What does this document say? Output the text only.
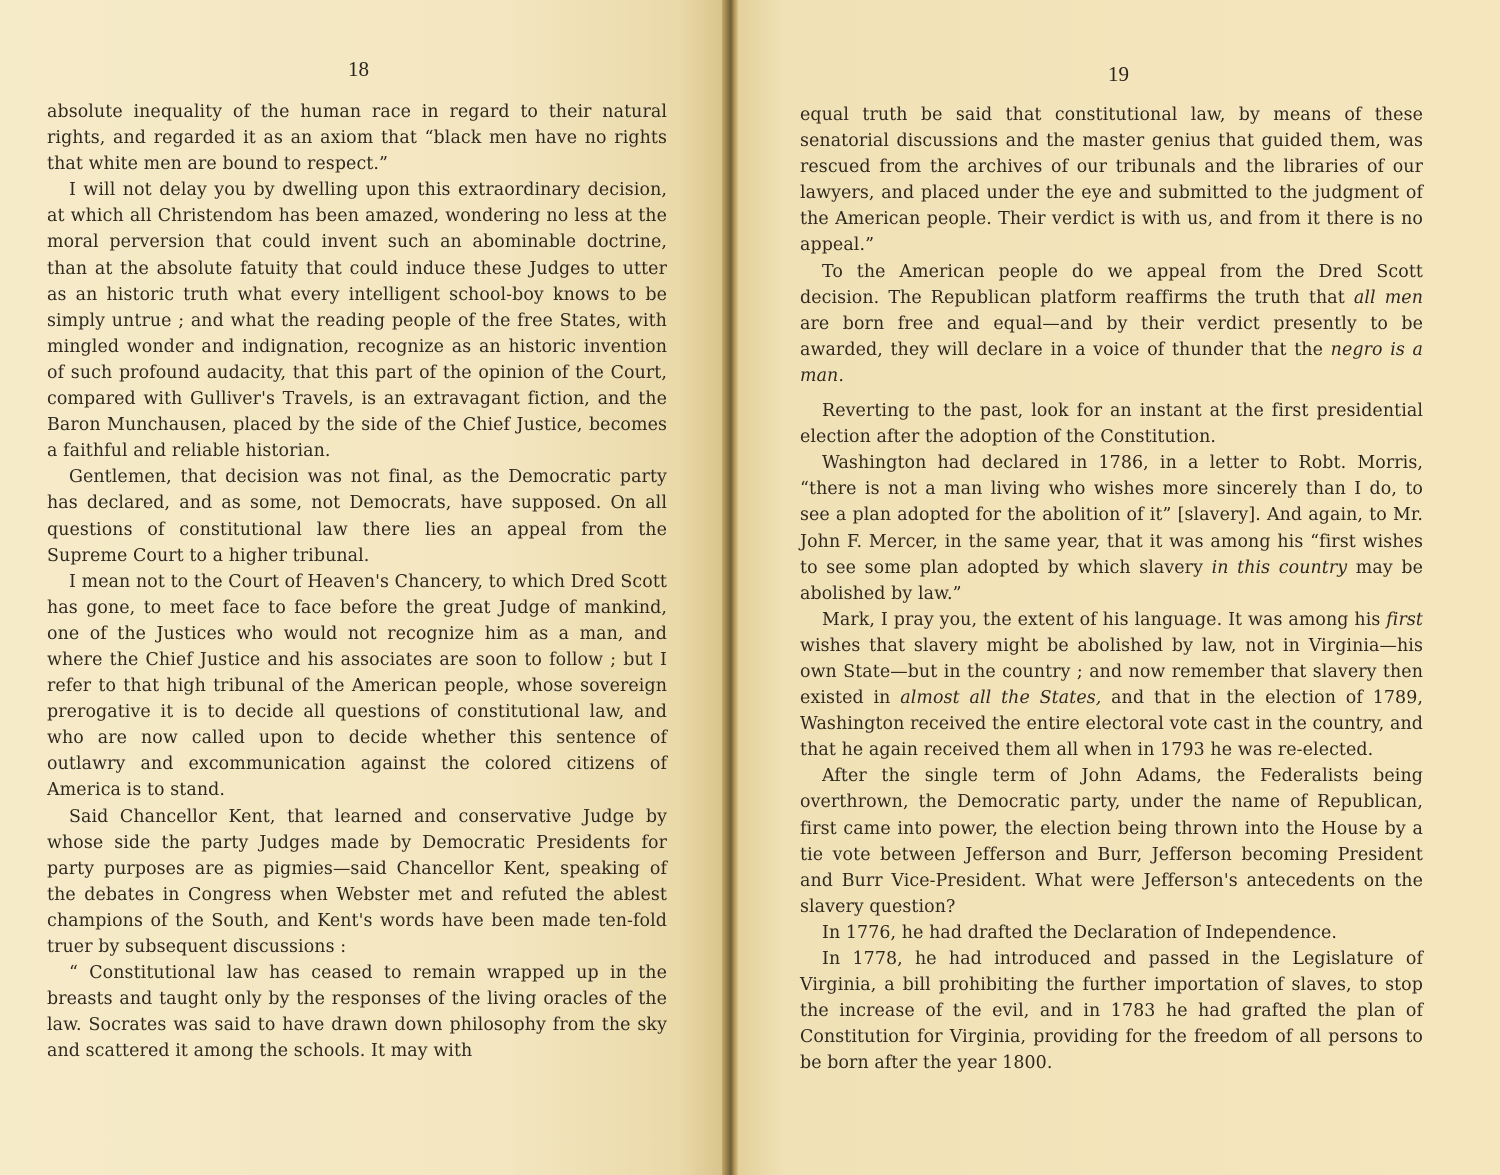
18

absolute inequality of the human race in regard to their natural rights, and regarded it as an axiom that “black men have no rights that white men are bound to respect.”

I will not delay you by dwelling upon this extraordinary decision, at which all Christendom has been amazed, wondering no less at the moral perversion that could invent such an abominable doctrine, than at the absolute fatuity that could induce these Judges to utter as an historic truth what every intelligent school-boy knows to be simply untrue ; and what the reading people of the free States, with mingled wonder and indignation, recognize as an historic invention of such profound audacity, that this part of the opinion of the Court, compared with Gulliver's Travels, is an extravagant fiction, and the Baron Munchausen, placed by the side of the Chief Justice, becomes a faithful and reliable historian.

Gentlemen, that decision was not final, as the Democratic party has declared, and as some, not Democrats, have supposed. On all questions of constitutional law there lies an appeal from the Supreme Court to a higher tribunal.

I mean not to the Court of Heaven's Chancery, to which Dred Scott has gone, to meet face to face before the great Judge of mankind, one of the Justices who would not recognize him as a man, and where the Chief Justice and his associates are soon to follow ; but I refer to that high tribunal of the American people, whose sovereign prerogative it is to decide all questions of constitutional law, and who are now called upon to decide whether this sentence of outlawry and excommunication against the colored citizens of America is to stand.

Said Chancellor Kent, that learned and conservative Judge by whose side the party Judges made by Democratic Presidents for party purposes are as pigmies—said Chancellor Kent, speaking of the debates in Congress when Webster met and refuted the ablest champions of the South, and Kent's words have been made ten-fold truer by subsequent discussions :

“ Constitutional law has ceased to remain wrapped up in the breasts and taught only by the responses of the living oracles of the law. Socrates was said to have drawn down philosophy from the sky and scattered it among the schools. It may with

19

equal truth be said that constitutional law, by means of these senatorial discussions and the master genius that guided them, was rescued from the archives of our tribunals and the libraries of our lawyers, and placed under the eye and submitted to the judgment of the American people. Their verdict is with us, and from it there is no appeal.”

To the American people do we appeal from the Dred Scott decision. The Republican platform reaffirms the truth that all men are born free and equal—and by their verdict presently to be awarded, they will declare in a voice of thunder that the negro is a man.

Reverting to the past, look for an instant at the first presidential election after the adoption of the Constitution.

Washington had declared in 1786, in a letter to Robt. Morris, “there is not a man living who wishes more sincerely than I do, to see a plan adopted for the abolition of it” [slavery]. And again, to Mr. John F. Mercer, in the same year, that it was among his “first wishes to see some plan adopted by which slavery in this country may be abolished by law.”

Mark, I pray you, the extent of his language. It was among his first wishes that slavery might be abolished by law, not in Virginia—his own State—but in the country ; and now remember that slavery then existed in almost all the States, and that in the election of 1789, Washington received the entire electoral vote cast in the country, and that he again received them all when in 1793 he was re-elected.

After the single term of John Adams, the Federalists being overthrown, the Democratic party, under the name of Republican, first came into power, the election being thrown into the House by a tie vote between Jefferson and Burr, Jefferson becoming President and Burr Vice-President. What were Jefferson's antecedents on the slavery question?

In 1776, he had drafted the Declaration of Independence.

In 1778, he had introduced and passed in the Legislature of Virginia, a bill prohibiting the further importation of slaves, to stop the increase of the evil, and in 1783 he had grafted the plan of Constitution for Virginia, providing for the freedom of all persons to be born after the year 1800.
